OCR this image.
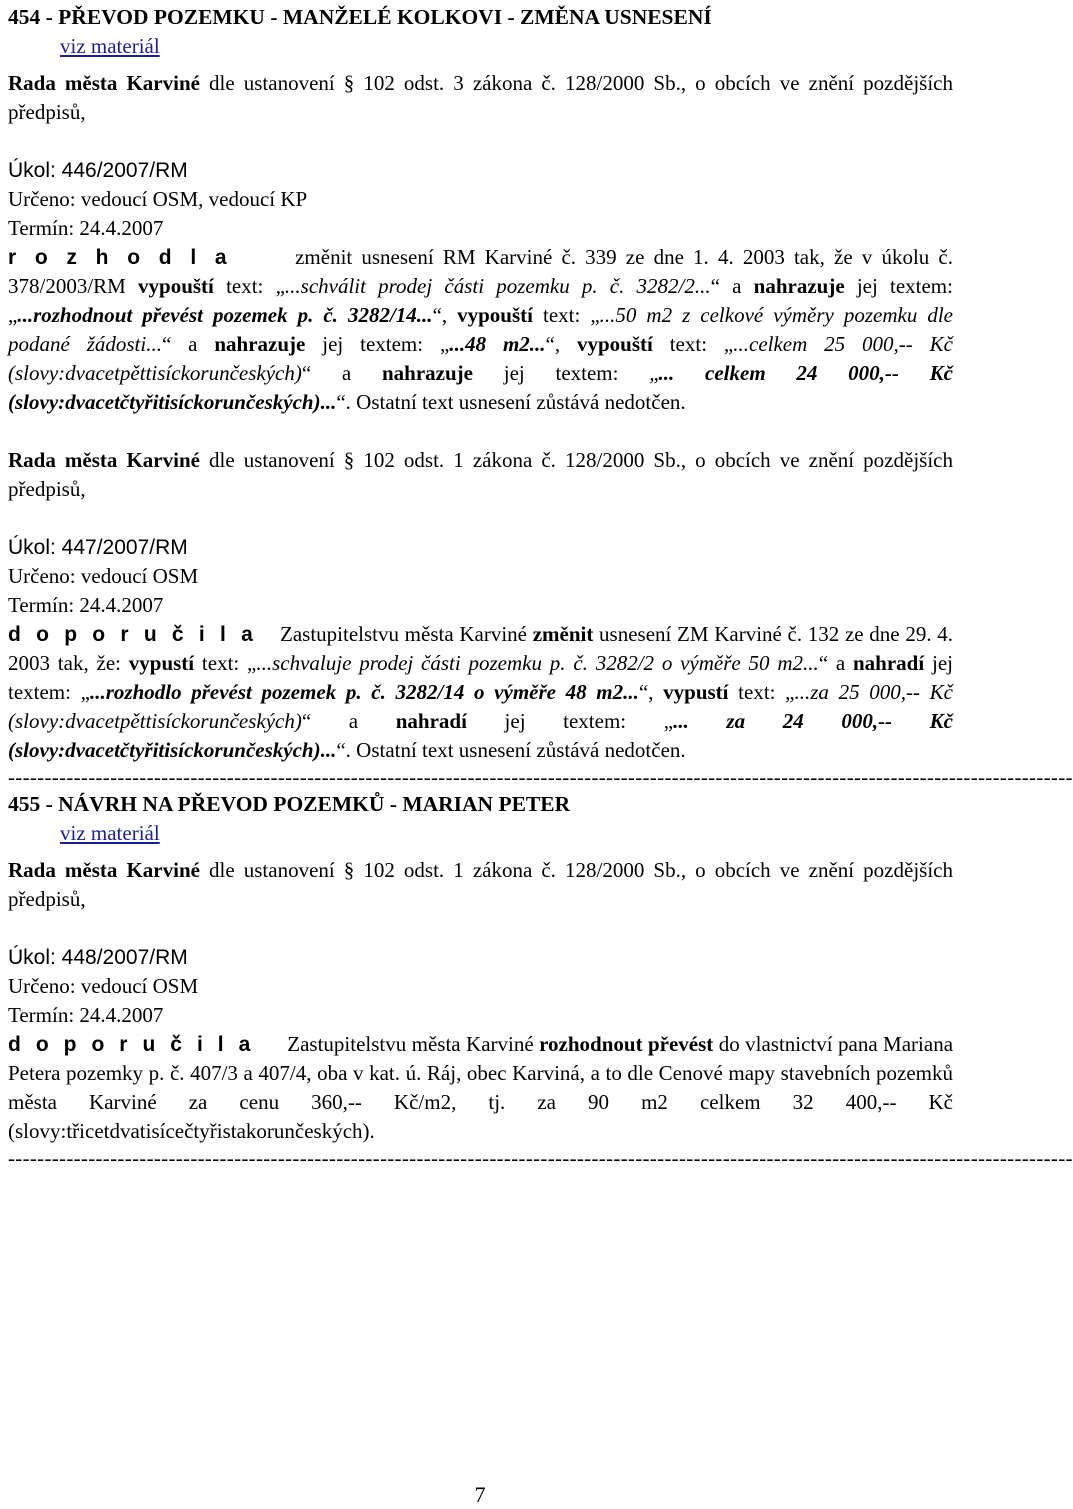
454 - PŘEVOD POZEMKU - MANŽELÉ KOLKOVI - ZMĚNA USNESENÍ
viz materiál

Rada města Karviné dle ustanovení § 102 odst. 3 zákona č. 128/2000 Sb., o obcích ve znění pozdějších předpisů,

Úkol: 446/2007/RM
Určeno: vedoucí OSM, vedoucí KP
Termín: 24.4.2007

r o z h o d l a	změnit usnesení RM Karviné č. 339 ze dne 1. 4. 2003 tak, že v úkolu č. 378/2003/RM vypouští text: „...schválit prodej části pozemku p. č. 3282/2...“ a nahrazuje jej textem: „...rozhodnout převést pozemek p. č. 3282/14...“, vypouští text: „...50 m2 z celkové výměry pozemku dle podané žádosti...“ a nahrazuje jej textem: „...48 m2...“, vypouští text: „...celkem 25 000,-- Kč (slovy:dvacetpěttisíckorunčeských)“ a nahrazuje jej textem: „... celkem 24 000,-- Kč (slovy:dvacetčtyřitisíckorunčeských)...“. Ostatní text usnesení zůstává nedotčen.

Rada města Karviné dle ustanovení § 102 odst. 1 zákona č. 128/2000 Sb., o obcích ve znění pozdějších předpisů,

Úkol: 447/2007/RM
Určeno: vedoucí OSM
Termín: 24.4.2007

d o p o r u č i l a Zastupitelstvu města Karviné změnit usnesení ZM Karviné č. 132 ze dne 29. 4. 2003 tak, že: vypustí text: „...schvaluje prodej části pozemku p. č. 3282/2 o výměře 50 m2...“ a nahradí jej textem: „...rozhodlo převést pozemek p. č. 3282/14 o výměře 48 m2...“, vypustí text: „...za 25 000,-- Kč (slovy:dvacetpěttisíckorunčeských)“ a nahradí jej textem: „... za 24 000,-- Kč (slovy:dvacetčtyřitisíckorunčeských)...“. Ostatní text usnesení zůstává nedotčen.

--------------------------------------------------------------------------------------------------------------------------------------------------
455 - NÁVRH NA PŘEVOD POZEMKŮ - MARIAN PETER
viz materiál

Rada města Karviné dle ustanovení § 102 odst. 1 zákona č. 128/2000 Sb., o obcích ve znění pozdějších předpisů,

Úkol: 448/2007/RM
Určeno: vedoucí OSM
Termín: 24.4.2007

d o p o r u č i l a Zastupitelstvu města Karviné rozhodnout převést do vlastnictví pana Mariana Petera pozemky p. č. 407/3 a 407/4, oba v kat. ú. Ráj, obec Karviná, a to dle Cenové mapy stavebních pozemků města Karviné za cenu 360,-- Kč/m2, tj. za 90 m2 celkem 32 400,-- Kč (slovy:třicetdvatisícečtyřistakorunčeských).

--------------------------------------------------------------------------------------------------------------------------------------------------
7
